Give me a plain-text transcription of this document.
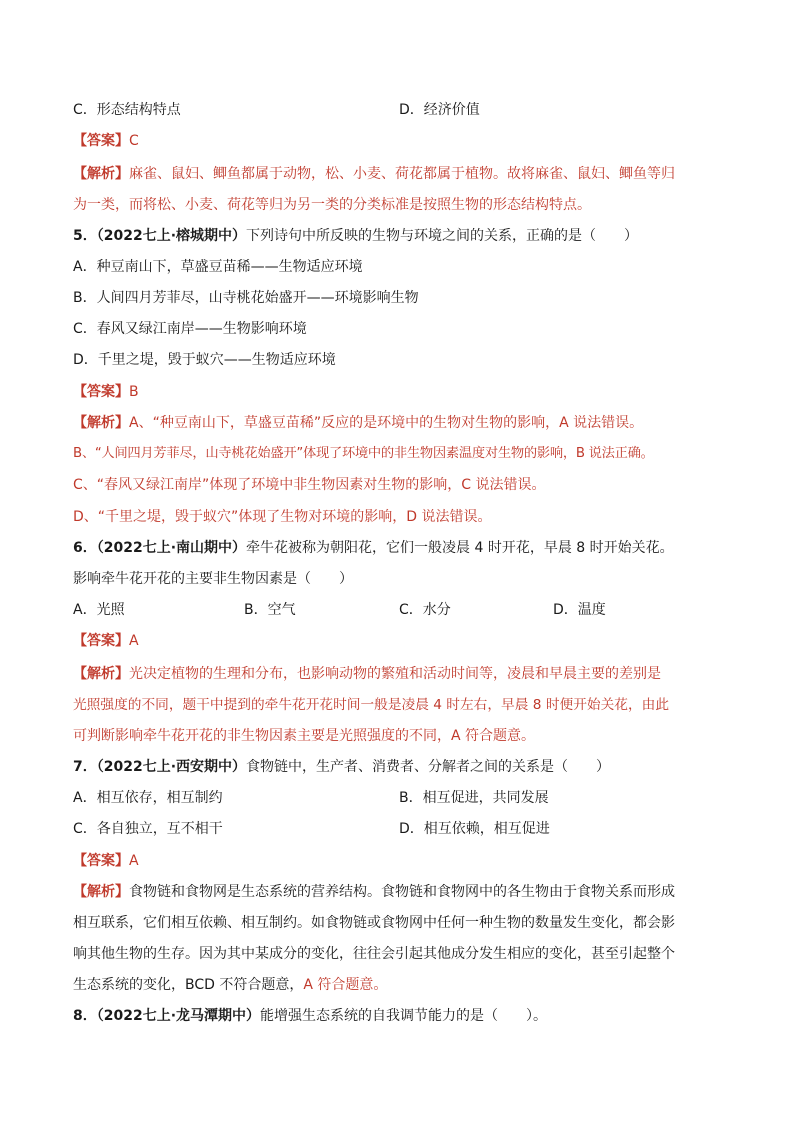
C．形态结构特点	D．经济价值
【答案】C
【解析】麻雀、鼠妇、鲫鱼都属于动物，松、小麦、荷花都属于植物。故将麻雀、鼠妇、鲫鱼等归
为一类，而将松、小麦、荷花等归为另一类的分类标准是按照生物的形态结构特点。
5．（2022七上·榕城期中）下列诗句中所反映的生物与环境之间的关系，正确的是（　　）
A．种豆南山下，草盛豆苗稀——生物适应环境
B．人间四月芳菲尽，山寺桃花始盛开——环境影响生物
C．春风又绿江南岸——生物影响环境
D．千里之堤，毁于蚁穴——生物适应环境
【答案】B
【解析】A、“种豆南山下，草盛豆苗稀”反应的是环境中的生物对生物的影响，A 说法错误。
B、“人间四月芳菲尽，山寺桃花始盛开”体现了环境中的非生物因素温度对生物的影响，B 说法正确。
C、“春风又绿江南岸”体现了环境中非生物因素对生物的影响，C 说法错误。
D、“千里之堤，毁于蚁穴”体现了生物对环境的影响，D 说法错误。
6．（2022七上·南山期中）牵牛花被称为朝阳花，它们一般凌晨 4 时开花，早晨 8 时开始关花。
影响牵牛花开花的主要非生物因素是（　　）
A．光照	B．空气	C．水分	D．温度
【答案】A
【解析】光决定植物的生理和分布，也影响动物的繁殖和活动时间等，凌晨和早晨主要的差别是
光照强度的不同，题干中提到的牵牛花开花时间一般是凌晨 4 时左右，早晨 8 时便开始关花，由此
可判断影响牵牛花开花的非生物因素主要是光照强度的不同，A 符合题意。
7．（2022七上·西安期中）食物链中，生产者、消费者、分解者之间的关系是（　　）
A．相互依存，相互制约	B．相互促进，共同发展
C．各自独立，互不相干	D．相互依赖，相互促进
【答案】A
【解析】食物链和食物网是生态系统的营养结构。食物链和食物网中的各生物由于食物关系而形成
相互联系，它们相互依赖、相互制约。如食物链或食物网中任何一种生物的数量发生变化，都会影
响其他生物的生存。因为其中某成分的变化，往往会引起其他成分发生相应的变化，甚至引起整个
生态系统的变化，BCD 不符合题意，A 符合题意。
8．（2022七上·龙马潭期中）能增强生态系统的自我调节能力的是（　　）。
